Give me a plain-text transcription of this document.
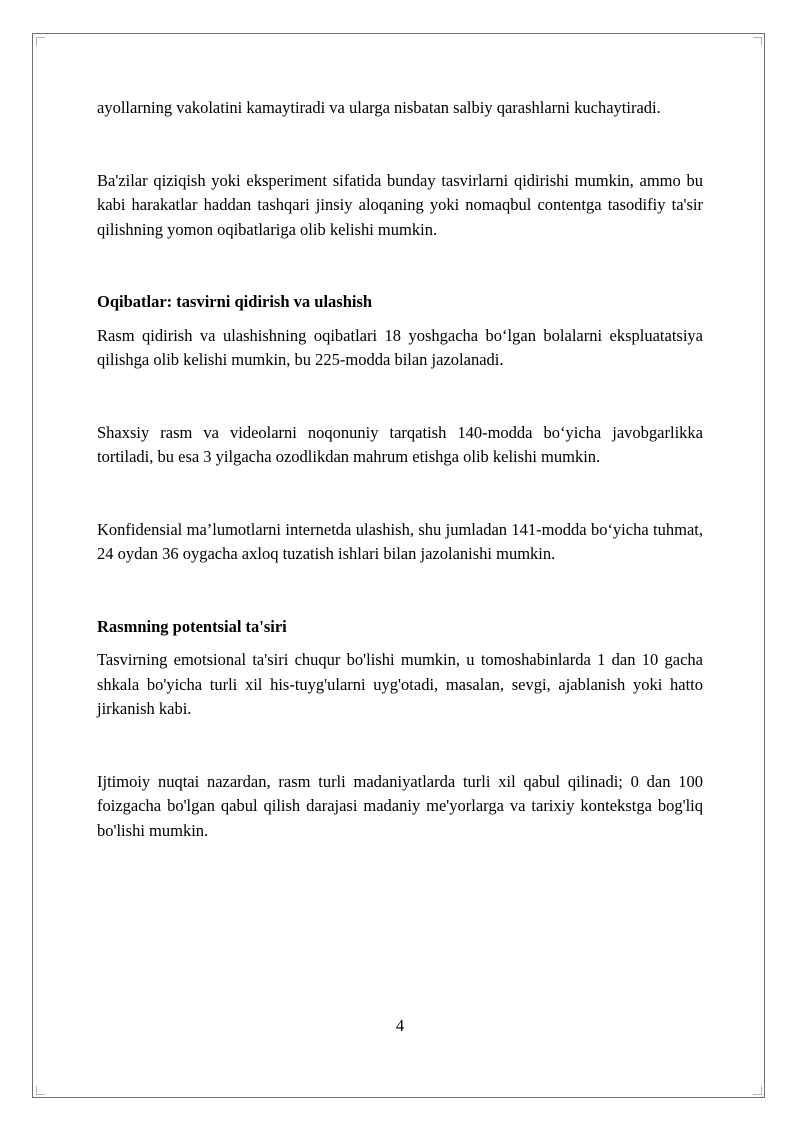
ayollarning vakolatini kamaytiradi va ularga nisbatan salbiy qarashlarni kuchaytiradi.

Ba'zilar qiziqish yoki eksperiment sifatida bunday tasvirlarni qidirishi mumkin, ammo bu kabi harakatlar haddan tashqari jinsiy aloqaning yoki nomaqbul contentga tasodifiy ta'sir qilishning yomon oqibatlariga olib kelishi mumkin.

Oqibatlar: tasvirni qidirish va ulashish

Rasm qidirish va ulashishning oqibatlari 18 yoshgacha bo‘lgan bolalarni ekspluatatsiya qilishga olib kelishi mumkin, bu 225-modda bilan jazolanadi.

Shaxsiy rasm va videolarni noqonuniy tarqatish 140-modda bo‘yicha javobgarlikka tortiladi, bu esa 3 yilgacha ozodlikdan mahrum etishga olib kelishi mumkin.

Konfidensial ma’lumotlarni internetda ulashish, shu jumladan 141-modda bo‘yicha tuhmat, 24 oydan 36 oygacha axloq tuzatish ishlari bilan jazolanishi mumkin.

Rasmning potentsial ta'siri

Tasvirning emotsional ta'siri chuqur bo'lishi mumkin, u tomoshabinlarda 1 dan 10 gacha shkala bo'yicha turli xil his-tuyg'ularni uyg'otadi, masalan, sevgi, ajablanish yoki hatto jirkanish kabi.

Ijtimoiy nuqtai nazardan, rasm turli madaniyatlarda turli xil qabul qilinadi; 0 dan 100 foizgacha bo'lgan qabul qilish darajasi madaniy me'yorlarga va tarixiy kontekstga bog'liq bo'lishi mumkin.

4
